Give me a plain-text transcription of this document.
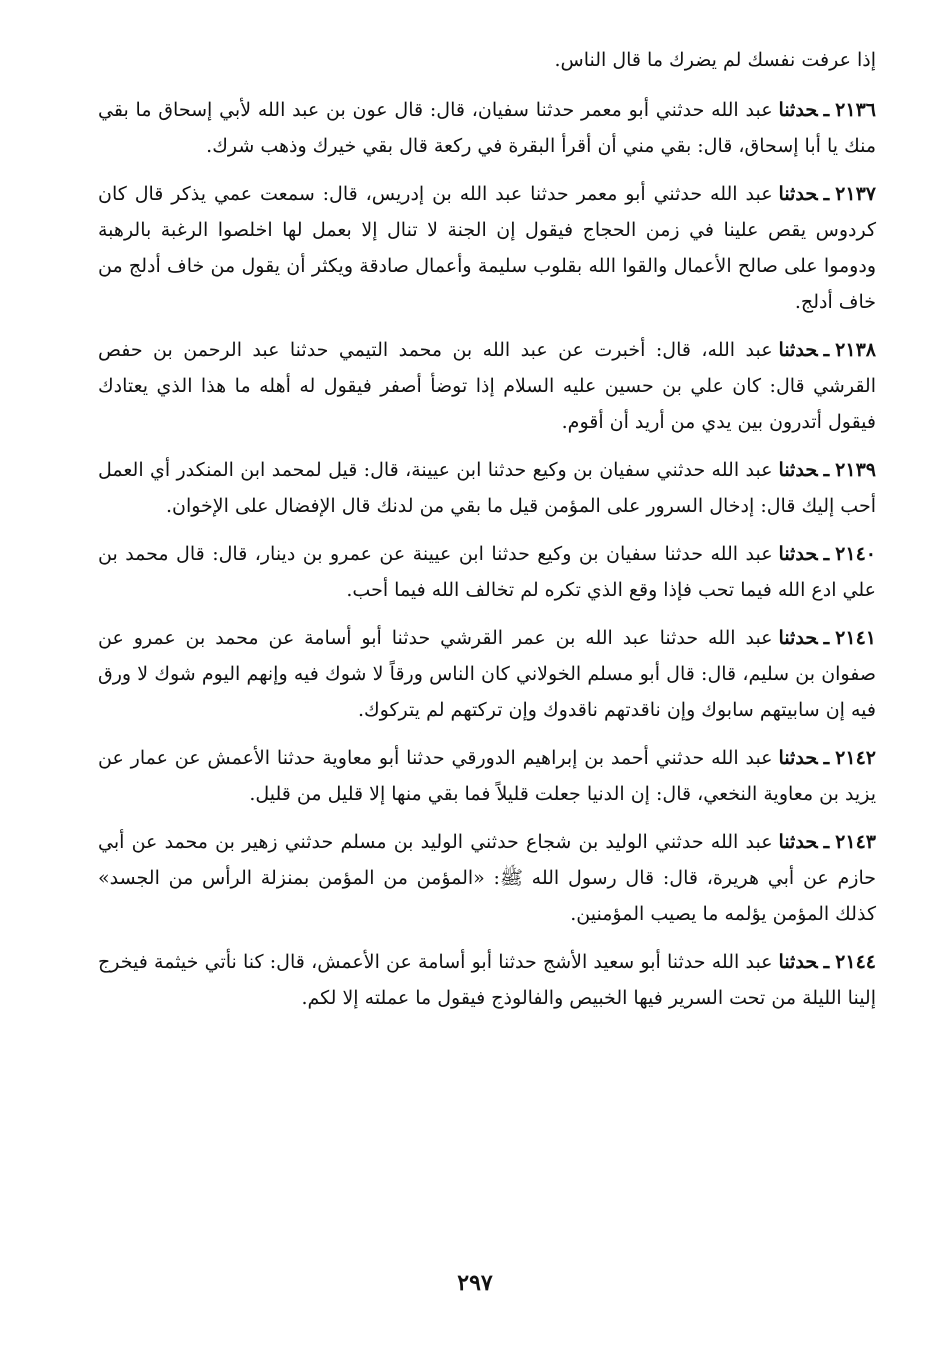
إذا عرفت نفسك لم يضرك ما قال الناس.

٢١٣٦ـحدثناعبد الله حدثني أبو معمر حدثنا سفيان، قال: قال عون بن عبد الله لأبي إسحاق ما بقي منك يا أبا إسحاق، قال: بقي مني أن أقرأ البقرة في ركعة قال بقي خيرك وذهب شرك.

٢١٣٧ـحدثناعبد الله حدثني أبو معمر حدثنا عبد الله بن إدريس، قال: سمعت عمي يذكر قال كان كردوس يقص علينا في زمن الحجاج فيقول إن الجنة لا تنال إلا بعمل لها اخلصوا الرغبة بالرهبة ودوموا على صالح الأعمال والقوا الله بقلوب سليمة وأعمال صادقة ويكثر أن يقول من خاف أدلج من خاف أدلج.

٢١٣٨ـحدثناعبد الله، قال: أخبرت عن عبد الله بن محمد التيمي حدثنا عبد الرحمن بن حفص القرشي قال: كان علي بن حسين عليه السلام إذا توضأ أصفر فيقول له أهله ما هذا الذي يعتادك فيقول أتدرون بين يدي من أريد أن أقوم.

٢١٣٩ـحدثناعبد الله حدثني سفيان بن وكيع حدثنا ابن عيينة، قال: قيل لمحمد ابن المنكدر أي العمل أحب إليك قال: إدخال السرور على المؤمن قيل ما بقي من لدنك قال الإفضال على الإخوان.

٢١٤٠ـحدثناعبد الله حدثنا سفيان بن وكيع حدثنا ابن عيينة عن عمرو بن دينار، قال: قال محمد بن علي ادع الله فيما تحب فإذا وقع الذي تكره لم تخالف الله فيما أحب.

٢١٤١ـحدثناعبد الله حدثنا عبد الله بن عمر القرشي حدثنا أبو أسامة عن محمد بن عمرو عن صفوان بن سليم، قال: قال أبو مسلم الخولاني كان الناس ورقاً لا شوك فيه وإنهم اليوم شوك لا ورق فيه إن سابيتهم سابوك وإن ناقدتهم ناقدوك وإن تركتهم لم يتركوك.

٢١٤٢ـحدثناعبد الله حدثني أحمد بن إبراهيم الدورقي حدثنا أبو معاوية حدثنا الأعمش عن عمار عن يزيد بن معاوية النخعي، قال: إن الدنيا جعلت قليلاً فما بقي منها إلا قليل من قليل.

٢١٤٣ـحدثناعبد الله حدثني الوليد بن شجاع حدثني الوليد بن مسلم حدثني زهير بن محمد عن أبي حازم عن أبي هريرة، قال: قال رسول الله ﷺ: «المؤمن من المؤمن بمنزلة الرأس من الجسد» كذلك المؤمن يؤلمه ما يصيب المؤمنين.

٢١٤٤ـحدثناعبد الله حدثنا أبو سعيد الأشج حدثنا أبو أسامة عن الأعمش، قال: كنا نأتي خيثمة فيخرج إلينا الليلة من تحت السرير فيها الخبيص والفالوذج فيقول ما عملته إلا لكم.

٢٩٧
